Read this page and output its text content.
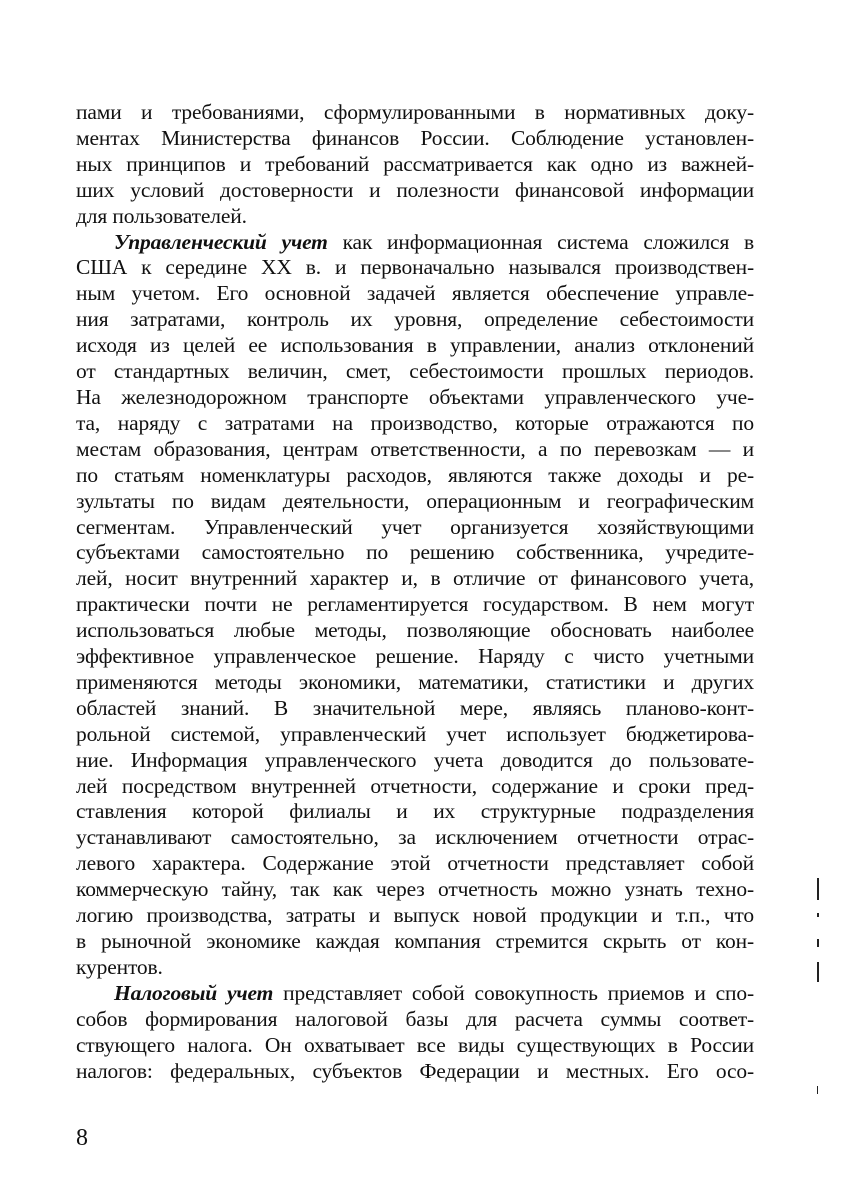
пами и требованиями, сформулированными в нормативных доку-
ментах Министерства финансов России. Соблюдение установлен-
ных принципов и требований рассматривается как одно из важней-
ших условий достоверности и полезности финансовой информации
для пользователей.
Управленческий учет как информационная система сложился в
США к середине XX в. и первоначально назывался производствен-
ным учетом. Его основной задачей является обеспечение управле-
ния затратами, контроль их уровня, определение себестоимости
исходя из целей ее использования в управлении, анализ отклонений
от стандартных величин, смет, себестоимости прошлых периодов.
На железнодорожном транспорте объектами управленческого уче-
та, наряду с затратами на производство, которые отражаются по
местам образования, центрам ответственности, а по перевозкам — и
по статьям номенклатуры расходов, являются также доходы и ре-
зультаты по видам деятельности, операционным и географическим
сегментам. Управленческий учет организуется хозяйствующими
субъектами самостоятельно по решению собственника, учредите-
лей, носит внутренний характер и, в отличие от финансового учета,
практически почти не регламентируется государством. В нем могут
использоваться любые методы, позволяющие обосновать наиболее
эффективное управленческое решение. Наряду с чисто учетными
применяются методы экономики, математики, статистики и других
областей знаний. В значительной мере, являясь планово-конт-
рольной системой, управленческий учет использует бюджетирова-
ние. Информация управленческого учета доводится до пользовате-
лей посредством внутренней отчетности, содержание и сроки пред-
ставления которой филиалы и их структурные подразделения
устанавливают самостоятельно, за исключением отчетности отрас-
левого характера. Содержание этой отчетности представляет собой
коммерческую тайну, так как через отчетность можно узнать техно-
логию производства, затраты и выпуск новой продукции и т.п., что
в рыночной экономике каждая компания стремится скрыть от кон-
курентов.
Налоговый учет представляет собой совокупность приемов и спо-
собов формирования налоговой базы для расчета суммы соответ-
ствующего налога. Он охватывает все виды существующих в России
налогов: федеральных, субъектов Федерации и местных. Его осо-
8
